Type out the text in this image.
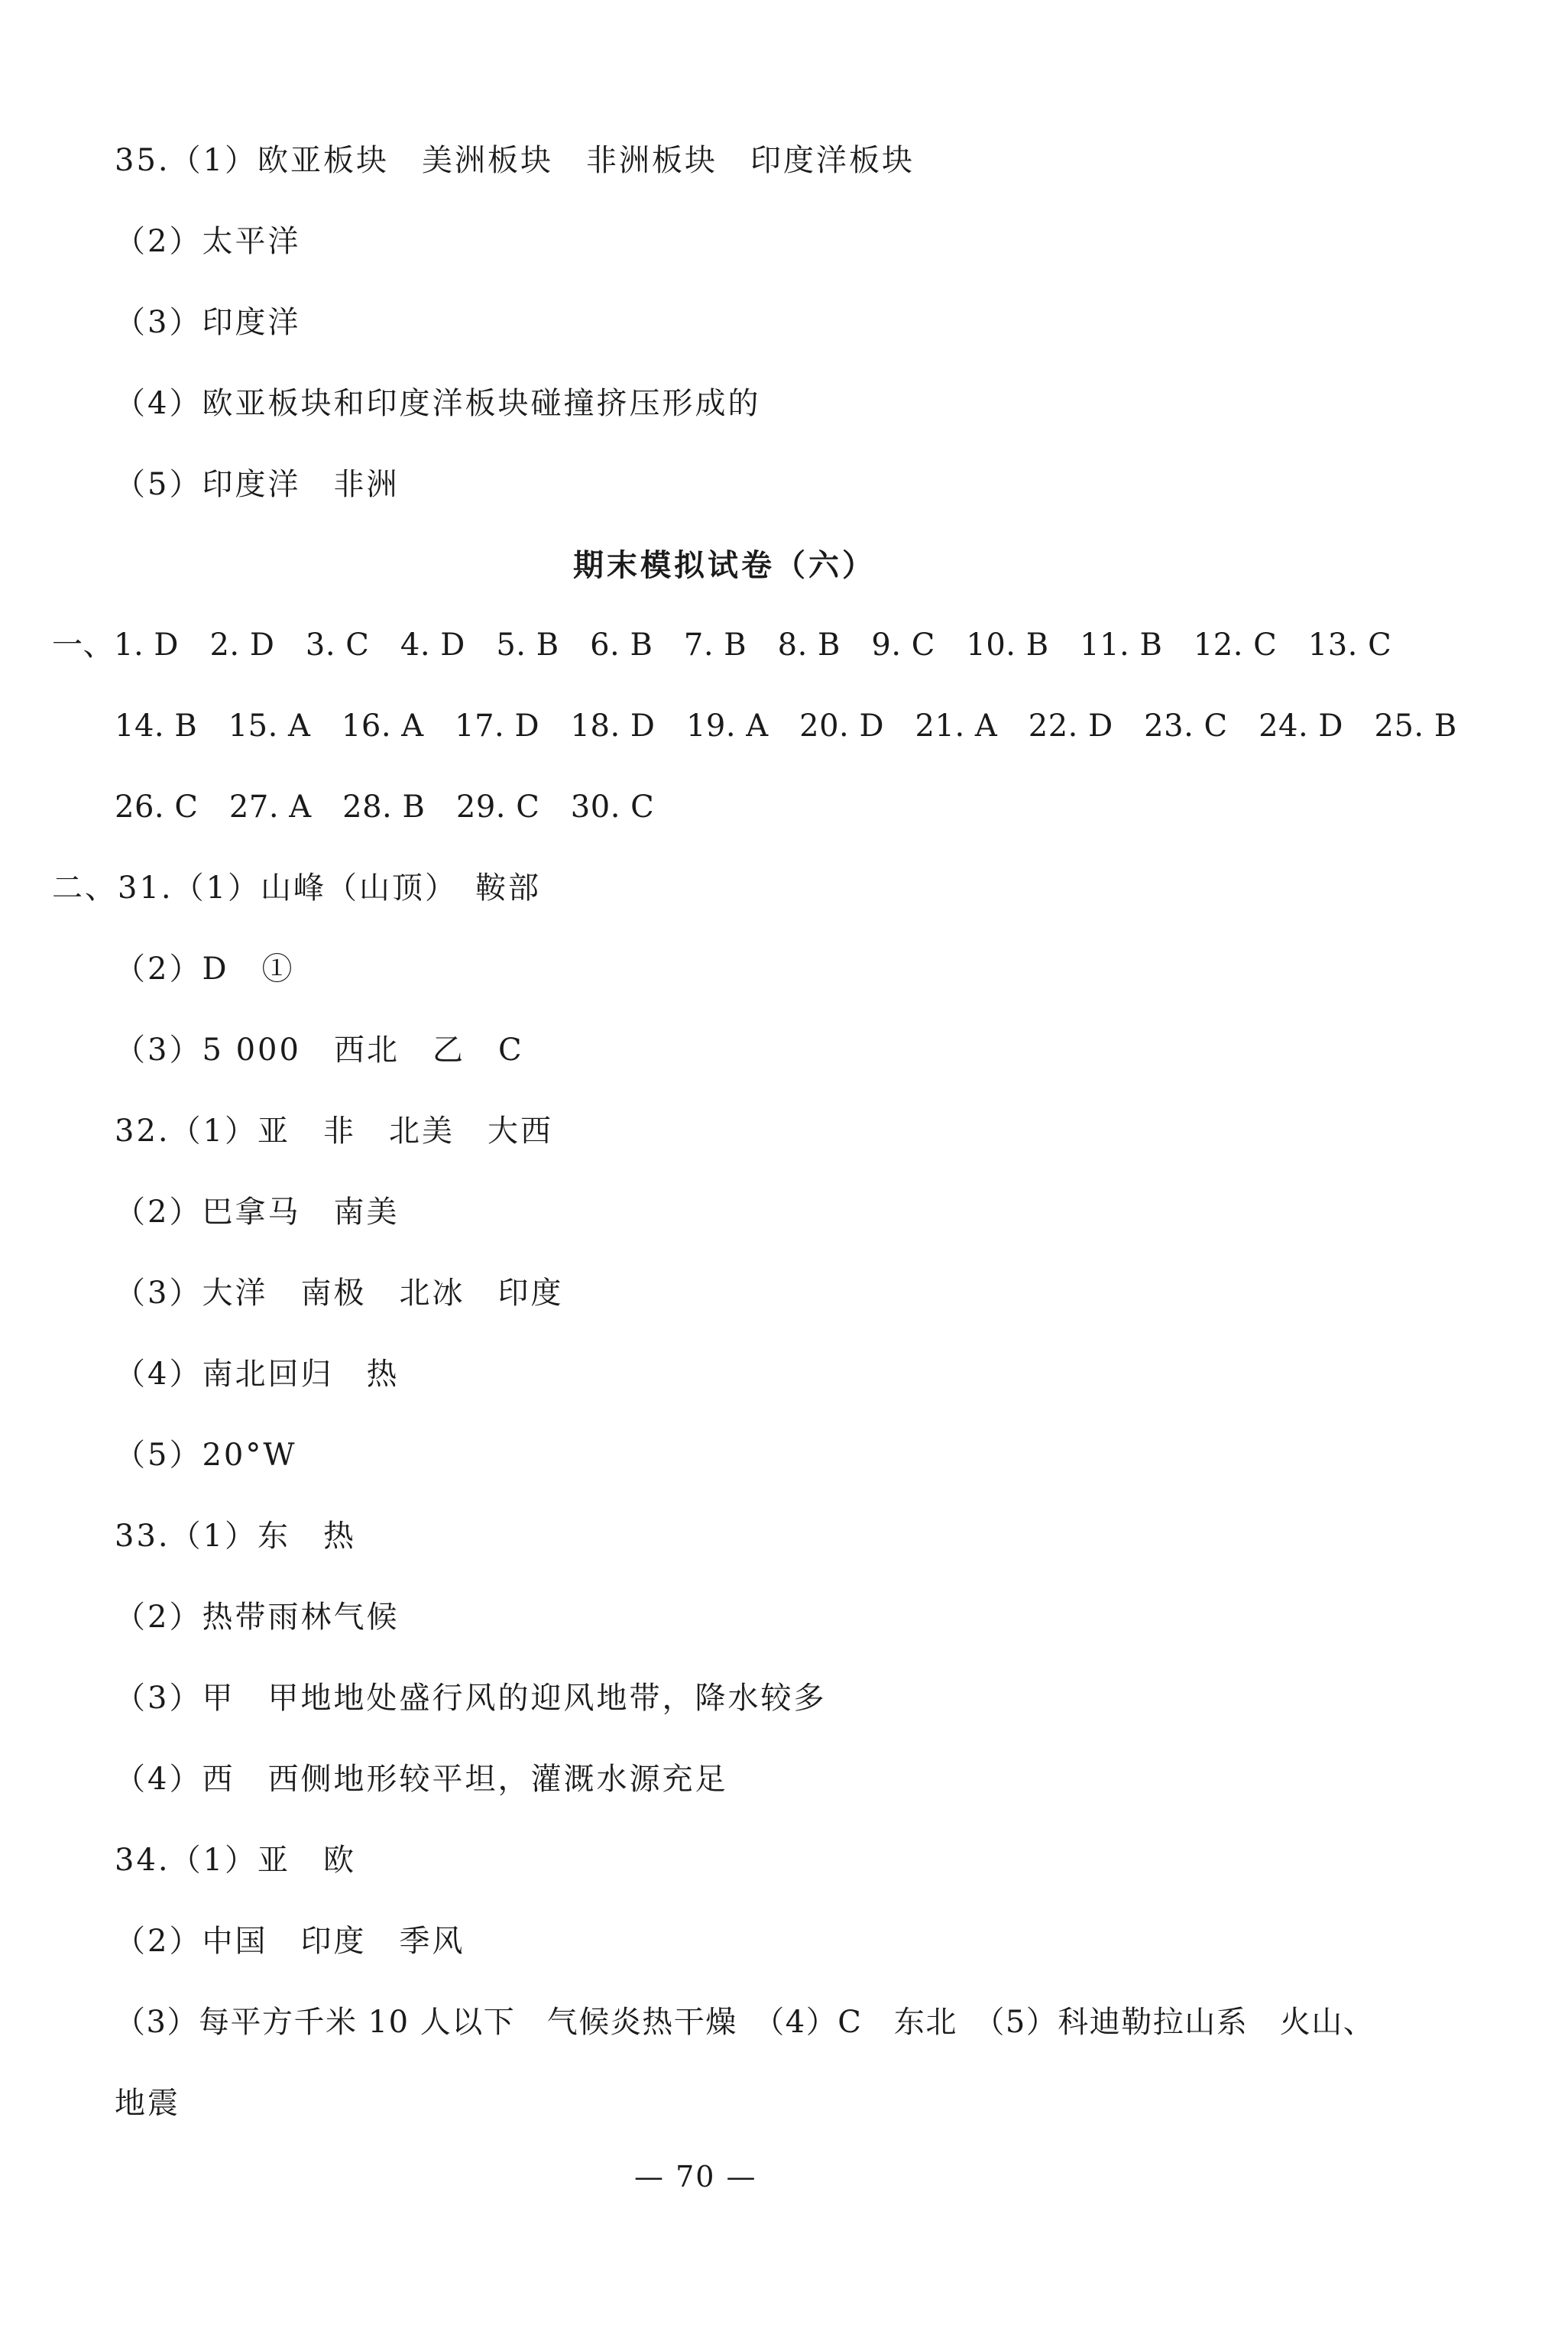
35.（1）欧亚板块　美洲板块　非洲板块　印度洋板块
（2）太平洋
（3）印度洋
（4）欧亚板块和印度洋板块碰撞挤压形成的
（5）印度洋　非洲
期末模拟试卷（六）
一、1. D　2. D　3. C　4. D　5. B　6. B　7. B　8. B　9. C　10. B　11. B　12. C　13. C
14. B　15. A　16. A　17. D　18. D　19. A　20. D　21. A　22. D　23. C　24. D　25. B
26. C　27. A　28. B　29. C　30. C
二、31.（1）山峰（山顶）　鞍部
（2）D　①
（3）5 000　西北　乙　C
32.（1）亚　非　北美　大西
（2）巴拿马　南美
（3）大洋　南极　北冰　印度
（4）南北回归　热
（5）20°W
33.（1）东　热
（2）热带雨林气候
（3）甲　甲地地处盛行风的迎风地带，降水较多
（4）西　西侧地形较平坦，灌溉水源充足
34.（1）亚　欧
（2）中国　印度　季风
（3）每平方千米 10 人以下　气候炎热干燥　（4）C　东北　（5）科迪勒拉山系　火山、
地震
— 70 —
